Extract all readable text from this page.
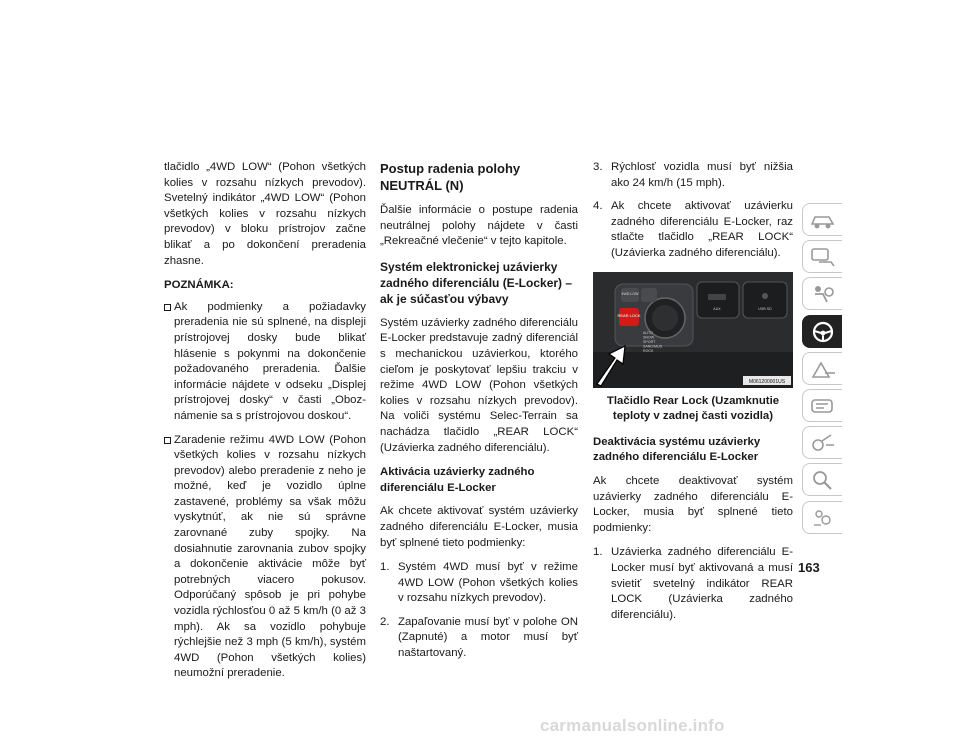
tlačidlo „4WD LOW“ (Pohon všetkých kolies v rozsahu nízkych prevodov). Svetelný indikátor „4WD LOW“ (Pohon všetkých kolies v rozsahu nízkych prevodov) v bloku prístrojov začne blikať a po dokončení preradenia zhasne.

POZNÁMKA:
Ak podmienky a požiadavky preradenia nie sú splnené, na displeji prístrojovej dosky bude blikať hlásenie s pokynmi na dokončenie požadovaného preradenia. Ďalšie informácie nájdete v odseku „Displej prístrojovej dosky“ v časti „Oboznámenie sa s prístrojovou doskou“.
Zaradenie režimu 4WD LOW (Pohon všetkých kolies v rozsahu nízkych prevodov) alebo preradenie z neho je možné, keď je vozidlo úplne zastavené, problémy sa však môžu vyskytnúť, ak nie sú správne zarovnané zuby spojky. Na dosiahnutie zarovnania zubov spojky a dokončenie aktivácie môže byť potrebných viacero pokusov. Odporúčaný spôsob je pri pohybe vozidla rýchlosťou 0 až 5 km/h (0 až 3 mph). Ak sa vozidlo pohybuje rýchlejšie než 3 mph (5 km/h), systém 4WD (Pohon všetkých kolies) neumožní preradenie.
Postup radenia polohy NEUTRÁL (N)

Ďalšie informácie o postupe radenia neutrálnej polohy nájdete v časti „Rekreačné vlečenie“ v tejto kapitole.

Systém elektronickej uzávierky zadného diferenciálu (E-Locker) – ak je súčasťou výbavy

Systém uzávierky zadného diferenciálu E-Locker predstavuje zadný diferenciál s mechanickou uzávierkou, ktorého cieľom je poskytovať lepšiu trakciu v režime 4WD LOW (Pohon všetkých kolies v rozsahu nízkych prevodov). Na voliči systému Selec-Terrain sa nachádza tlačidlo „REAR LOCK“ (Uzávierka zadného diferenciálu).

Aktivácia uzávierky zadného diferenciálu E-Locker

Ak chcete aktivovať systém uzávierky zadného diferenciálu E-Locker, musia byť splnené tieto podmienky:

1. Systém 4WD musí byť v režime 4WD LOW (Pohon všetkých kolies v rozsahu nízkych prevodov).
2. Zapaľovanie musí byť v polohe ON (Zapnuté) a motor musí byť naštartovaný.
3. Rýchlosť vozidla musí byť nižšia ako 24 km/h (15 mph).
4. Ak chcete aktivovať uzávierku zadného diferenciálu E-Locker, raz stlačte tlačidlo „REAR LOCK“ (Uzávierka zadného diferenciálu).
REAR LOCK
4WD LOW
AUTO
SNOW
SPORT
SAND/MUD
ROCK
AUX	USB SD
M061200001US
Tlačidlo Rear Lock (Uzamknutie teploty v zadnej časti vozidla)
Deaktivácia systému uzávierky zadného diferenciálu E-Locker

Ak chcete deaktivovať systém uzávierky zadného diferenciálu E-Locker, musia byť splnené tieto podmienky:

1. Uzávierka zadného diferenciálu E-Locker musí byť aktivovaná a musí svietiť svetelný indikátor REAR LOCK (Uzávierka zadného diferenciálu).
163
carmanualsonline.info
